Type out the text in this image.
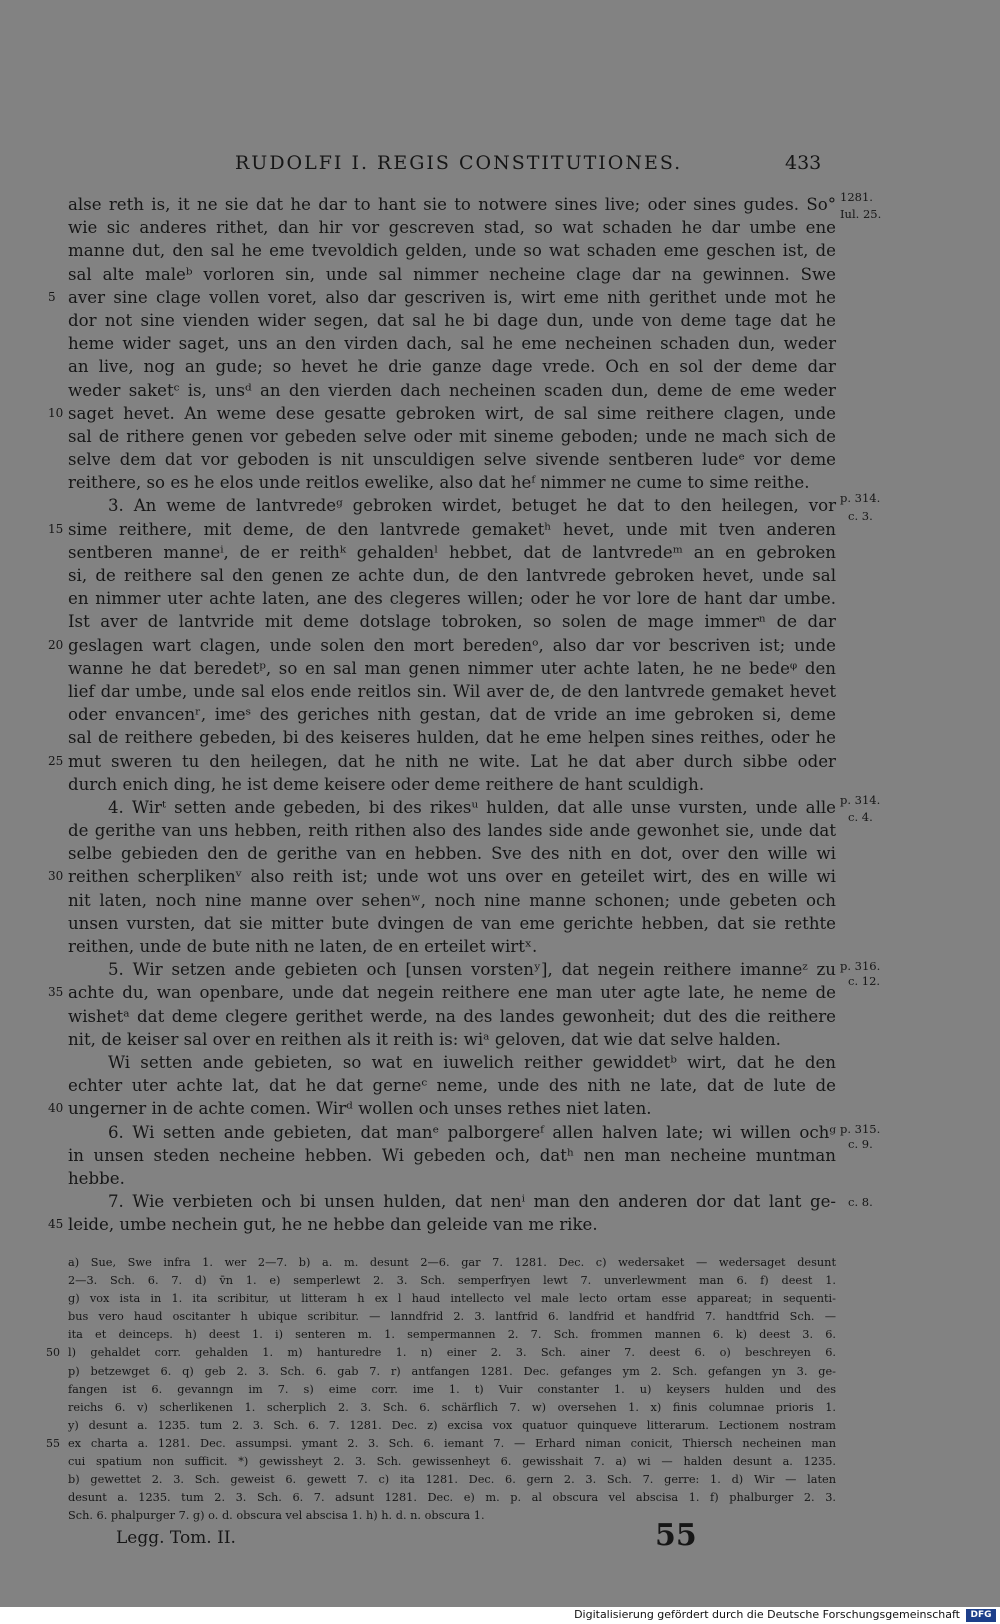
RUDOLFI I. REGIS CONSTITUTIONES.	433
alse reth is, it ne sie dat he dar to hant sie to notwere sines live; oder sines gudes. So° 1281.
wie sic anderes rithet, dan hir vor gescreven stad, so wat schaden he dar umbe ene
Iul. 25.
manne dut, den sal he eme tvevoldich gelden, unde so wat schaden eme geschen ist, de
sal alte maleᵇ vorloren sin, unde sal nimmer necheine clage dar na gewinnen. Swe
5 aver sine clage vollen voret, also dar gescriven is, wirt eme nith gerithet unde mot he
dor not sine vienden wider segen, dat sal he bi dage dun, unde von deme tage dat he
heme wider saget, uns an den virden dach, sal he eme necheinen schaden dun, weder
an live, nog an gude; so hevet he drie ganze dage vrede. Och en sol der deme dar
weder saketᶜ is, unsᵈ an den vierden dach necheinen scaden dun, deme de eme weder
10 saget hevet. An weme dese gesatte gebroken wirt, de sal sime reithere clagen, unde
sal de rithere genen vor gebeden selve oder mit sineme geboden; unde ne mach sich de
selve dem dat vor geboden is nit unsculdigen selve sivende sentberen ludeᵉ vor deme
reithere, so es he elos unde reitlos ewelike, also dat heᶠ nimmer ne cume to sime reithe.
3. An weme de lantvredeᵍ gebroken wirdet, betuget he dat to den heilegen, vor p. 314.
15 sime reithere, mit deme, de den lantvrede gemaketʰ hevet, unde mit tven anderen
c. 3.
sentberen manneⁱ, de er reithᵏ gehaldenˡ hebbet, dat de lantvredeᵐ an en gebroken
si, de reithere sal den genen ze achte dun, de den lantvrede gebroken hevet, unde sal
en nimmer uter achte laten, ane des clegeres willen; oder he vor lore de hant dar umbe.
Ist aver de lantvride mit deme dotslage tobroken, so solen de mage immerⁿ de dar
20 geslagen wart clagen, unde solen den mort beredenᵒ, also dar vor bescriven ist; unde
wanne he dat beredetᵖ, so en sal man genen nimmer uter achte laten, he ne bedeᵠ den
lief dar umbe, unde sal elos ende reitlos sin. Wil aver de, de den lantvrede gemaket hevet
oder envancenʳ, imeˢ des geriches nith gestan, dat de vride an ime gebroken si, deme
sal de reithere gebeden, bi des keiseres hulden, dat he eme helpen sines reithes, oder he
25 mut sweren tu den heilegen, dat he nith ne wite. Lat he dat aber durch sibbe oder
durch enich ding, he ist deme keisere oder deme reithere de hant sculdigh.
4. Wirᵗ setten ande gebeden, bi des rikesᵘ hulden, dat alle unse vursten, unde alle p. 314.
de gerithe van uns hebben, reith rithen also des landes side ande gewonhet sie, unde dat
c. 4.
selbe gebieden den de gerithe van en hebben. Sve des nith en dot, over den wille wi
30 reithen scherplikenᵛ also reith ist; unde wot uns over en geteilet wirt, des en wille wi
nit laten, noch nine manne over sehenʷ, noch nine manne schonen; unde gebeten och
unsen vursten, dat sie mitter bute dvingen de van eme gerichte hebben, dat sie rethte
reithen, unde de bute nith ne laten, de en erteilet wirtˣ.
5. Wir setzen ande gebieten och [unsen vorstenʸ], dat negein reithere imanneᶻ zu p. 316.
35 achte du, wan openbare, unde dat negein reithere ene man uter agte late, he neme de
c. 12.
wishetᵃ dat deme clegere gerithet werde, na des landes gewonheit; dut des die reithere
nit, de keiser sal over en reithen als it reith is: wiᵃ geloven, dat wie dat selve halden.
Wi setten ande gebieten, so wat en iuwelich reither gewiddetᵇ wirt, dat he den
echter uter achte lat, dat he dat gerneᶜ neme, unde des nith ne late, dat de lute de
40 ungerner in de achte comen. Wirᵈ wollen och unses rethes niet laten.
6. Wi setten ande gebieten, dat manᵉ palborgereᶠ allen halven late; wi willen ochᵍ p. 315.
in unsen steden necheine hebben. Wi gebeden och, datʰ nen man necheine muntman
c. 9.
hebbe.
7. Wie verbieten och bi unsen hulden, dat nenⁱ man den anderen dor dat lant ge- c. 8.
45 leide, umbe nechein gut, he ne hebbe dan geleide van me rike.
a) Sue, Swe infra 1. wer 2—7. b) a. m. desunt 2—6. gar 7. 1281. Dec. c) wedersaket — wedersaget desunt
2—3. Sch. 6. 7. d) v̄n 1. e) semperlewt 2. 3. Sch. semperfryen lewt 7. unverlewment man 6. f) deest 1.
g) vox ista in 1. ita scribitur, ut litteram h ex l haud intellecto vel male lecto ortam esse appareat; in sequenti-
bus vero haud oscitanter h ubique scribitur. — lanndfrid 2. 3. lantfrid 6. landfrid et handfrid 7. handtfrid Sch. —
ita et deinceps. h) deest 1. i) senteren m. 1. sempermannen 2. 7. Sch. frommen mannen 6. k) deest 3. 6.
50 l) gehaldet corr. gehalden 1. m) hanturedre 1. n) einer 2. 3. Sch. ainer 7. deest 6. o) beschreyen 6.
p) betzewget 6. q) geb 2. 3. Sch. 6. gab 7. r) antfangen 1281. Dec. gefanges ym 2. Sch. gefangen yn 3. ge-
fangen ist 6. gevanngn im 7. s) eime corr. ime 1. t) Vuir constanter 1. u) keysers hulden und des
reichs 6. v) scherlikenen 1. scherplich 2. 3. Sch. 6. schärflich 7. w) oversehen 1. x) finis columnae prioris 1.
y) desunt a. 1235. tum 2. 3. Sch. 6. 7. 1281. Dec. z) excisa vox quatuor quinqueve litterarum. Lectionem nostram
55 ex charta a. 1281. Dec. assumpsi. ymant 2. 3. Sch. 6. iemant 7. — Erhard niman conicit, Thiersch necheinen man
cui spatium non sufficit. *) gewissheyt 2. 3. Sch. gewissenheyt 6. gewisshait 7. a) wi — halden desunt a. 1235.
b) gewettet 2. 3. Sch. geweist 6. gewett 7. c) ita 1281. Dec. 6. gern 2. 3. Sch. 7. gerre: 1. d) Wir — laten
desunt a. 1235. tum 2. 3. Sch. 6. 7. adsunt 1281. Dec. e) m. p. al obscura vel abscisa 1. f) phalburger 2. 3.
Sch. 6. phalpurger 7. g) o. d. obscura vel abscisa 1. h) h. d. n. obscura 1.
Legg. Tom. II.	55
Digitalisierung gefördert durch die Deutsche Forschungsgemeinschaft	DFG
